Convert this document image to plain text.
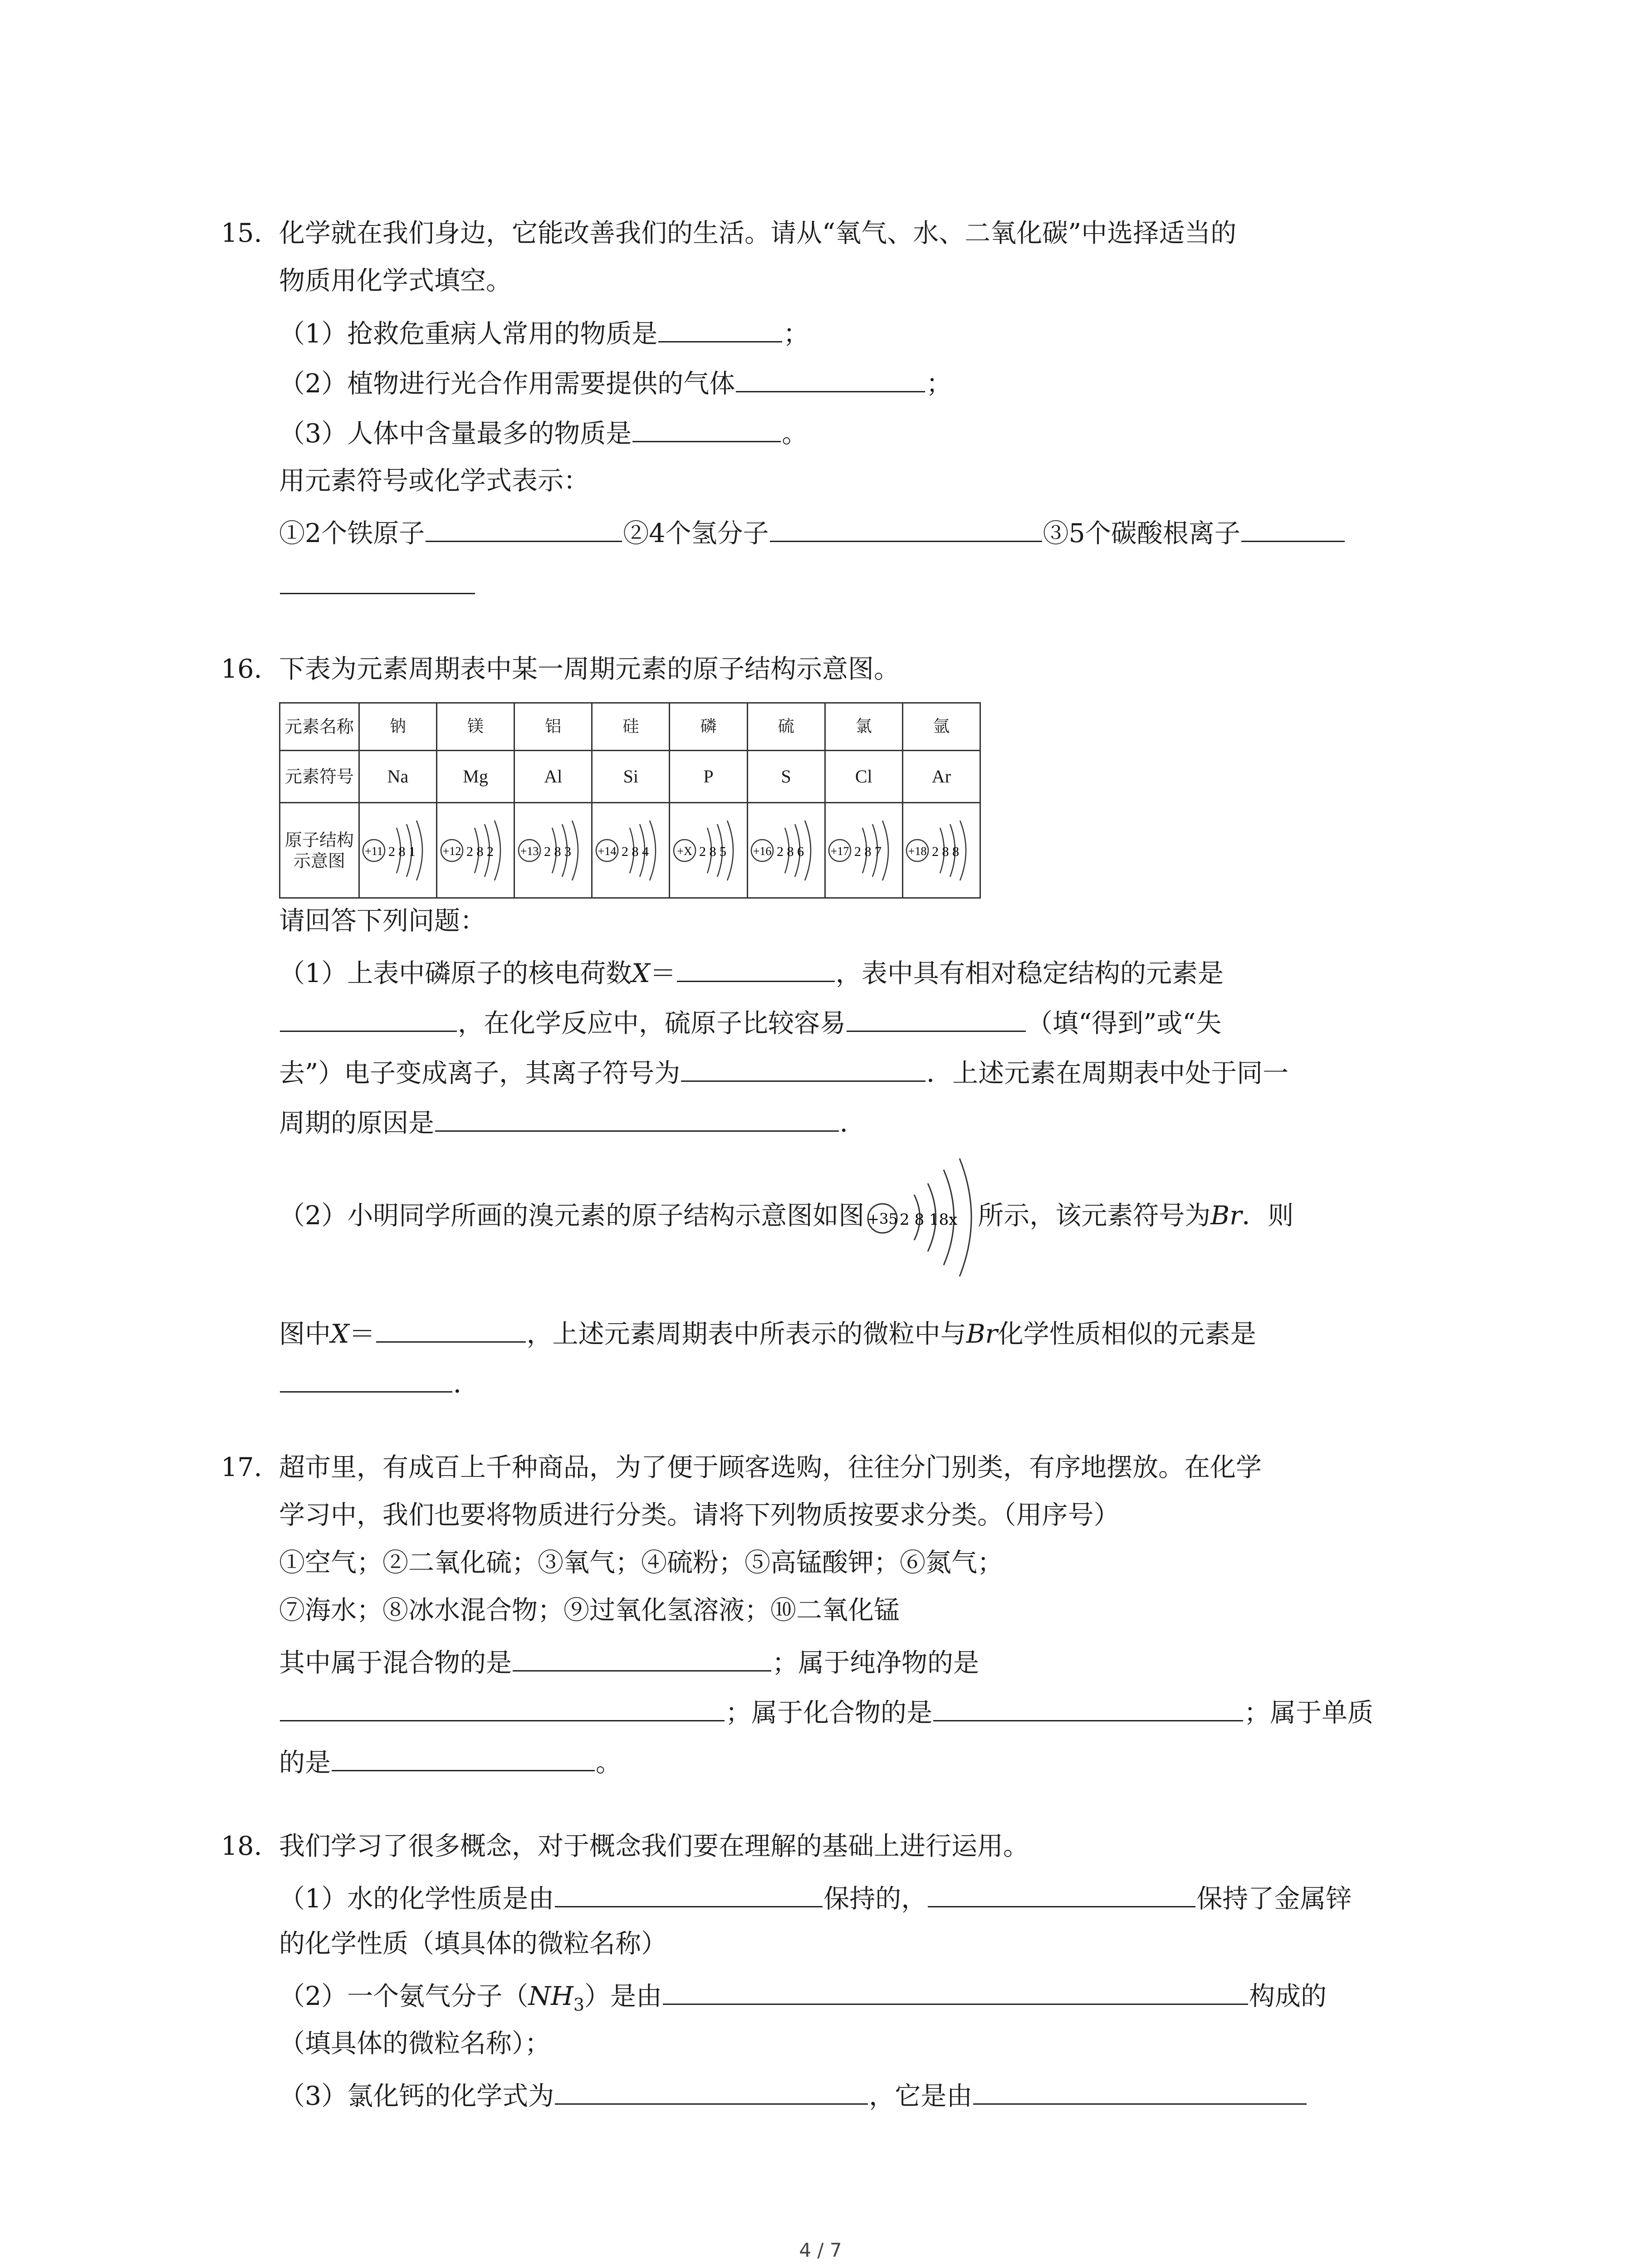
15. 化学就在我们身边，它能改善我们的生活。请从“氧气、水、二氧化碳”中选择适当的
物质用化学式填空。
（1）抢救危重病人常用的物质是	；
（2）植物进行光合作用需要提供的气体	；
（3）人体中含量最多的物质是	。
用元素符号或化学式表示：
①2个铁原子	②4个氢分子	③5个碳酸根离子
16. 下表为元素周期表中某一周期元素的原子结构示意图。
元素名称	钠	镁	铝	硅	磷	硫	氯	氩
元素符号	Na	Mg	Al	Si	P	S	Cl	Ar
原子结构示意图	+11 2 8 1	+12 2 8 2	+13 2 8 3	+14 2 8 4	+X 2 8 5	+16 2 8 6	+17 2 8 7	+18 2 8 8
请回答下列问题：
（1）上表中磷原子的核电荷数X＝	，表中具有相对稳定结构的元素是
，在化学反应中，硫原子比较容易	（填“得到”或“失
去”）电子变成离子，其离子符号为	．上述元素在周期表中处于同一
周期的原因是	．
（2）小明同学所画的溴元素的原子结构示意图如图 +35 2 8 18x 所示，该元素符号为Br．则
图中X＝	，上述元素周期表中所表示的微粒中与Br化学性质相似的元素是
．
17. 超市里，有成百上千种商品，为了便于顾客选购，往往分门别类，有序地摆放。在化学
学习中，我们也要将物质进行分类。请将下列物质按要求分类。（用序号）
①空气；②二氧化硫；③氧气；④硫粉；⑤高锰酸钾；⑥氮气；
⑦海水；⑧冰水混合物；⑨过氧化氢溶液；⑩二氧化锰
其中属于混合物的是	；属于纯净物的是
；属于化合物的是	；属于单质
的是	。
18. 我们学习了很多概念，对于概念我们要在理解的基础上进行运用。
（1）水的化学性质是由	保持的，	保持了金属锌
的化学性质（填具体的微粒名称）
（2）一个氨气分子$(NH_3)$是由	构成的
（填具体的微粒名称）；
（3）氯化钙的化学式为	，它是由
4 / 7
